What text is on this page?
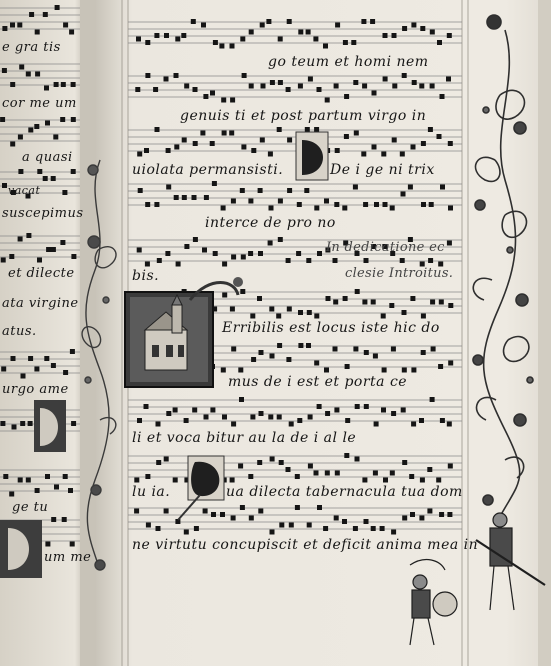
go teum et homi nem
genuis ti et post partum virgo in
uiolata permansisti.	De i ge ni trix
interce de pro no
bis.
In dedicatione ec
clesie Introitus.
Erribilis est locus iste hic do
mus de i est et porta ce
li et voca bitur au la de i al le
lu ia.	ua dilecta tabernacula tua dom
ne virtutu concupiscit et deficit anima mea in
e gra tis
cor me um
a quasi
vacat
suscepimus
et dilecte
ata virgine
atus.
urgo ame
ge tu
um me
